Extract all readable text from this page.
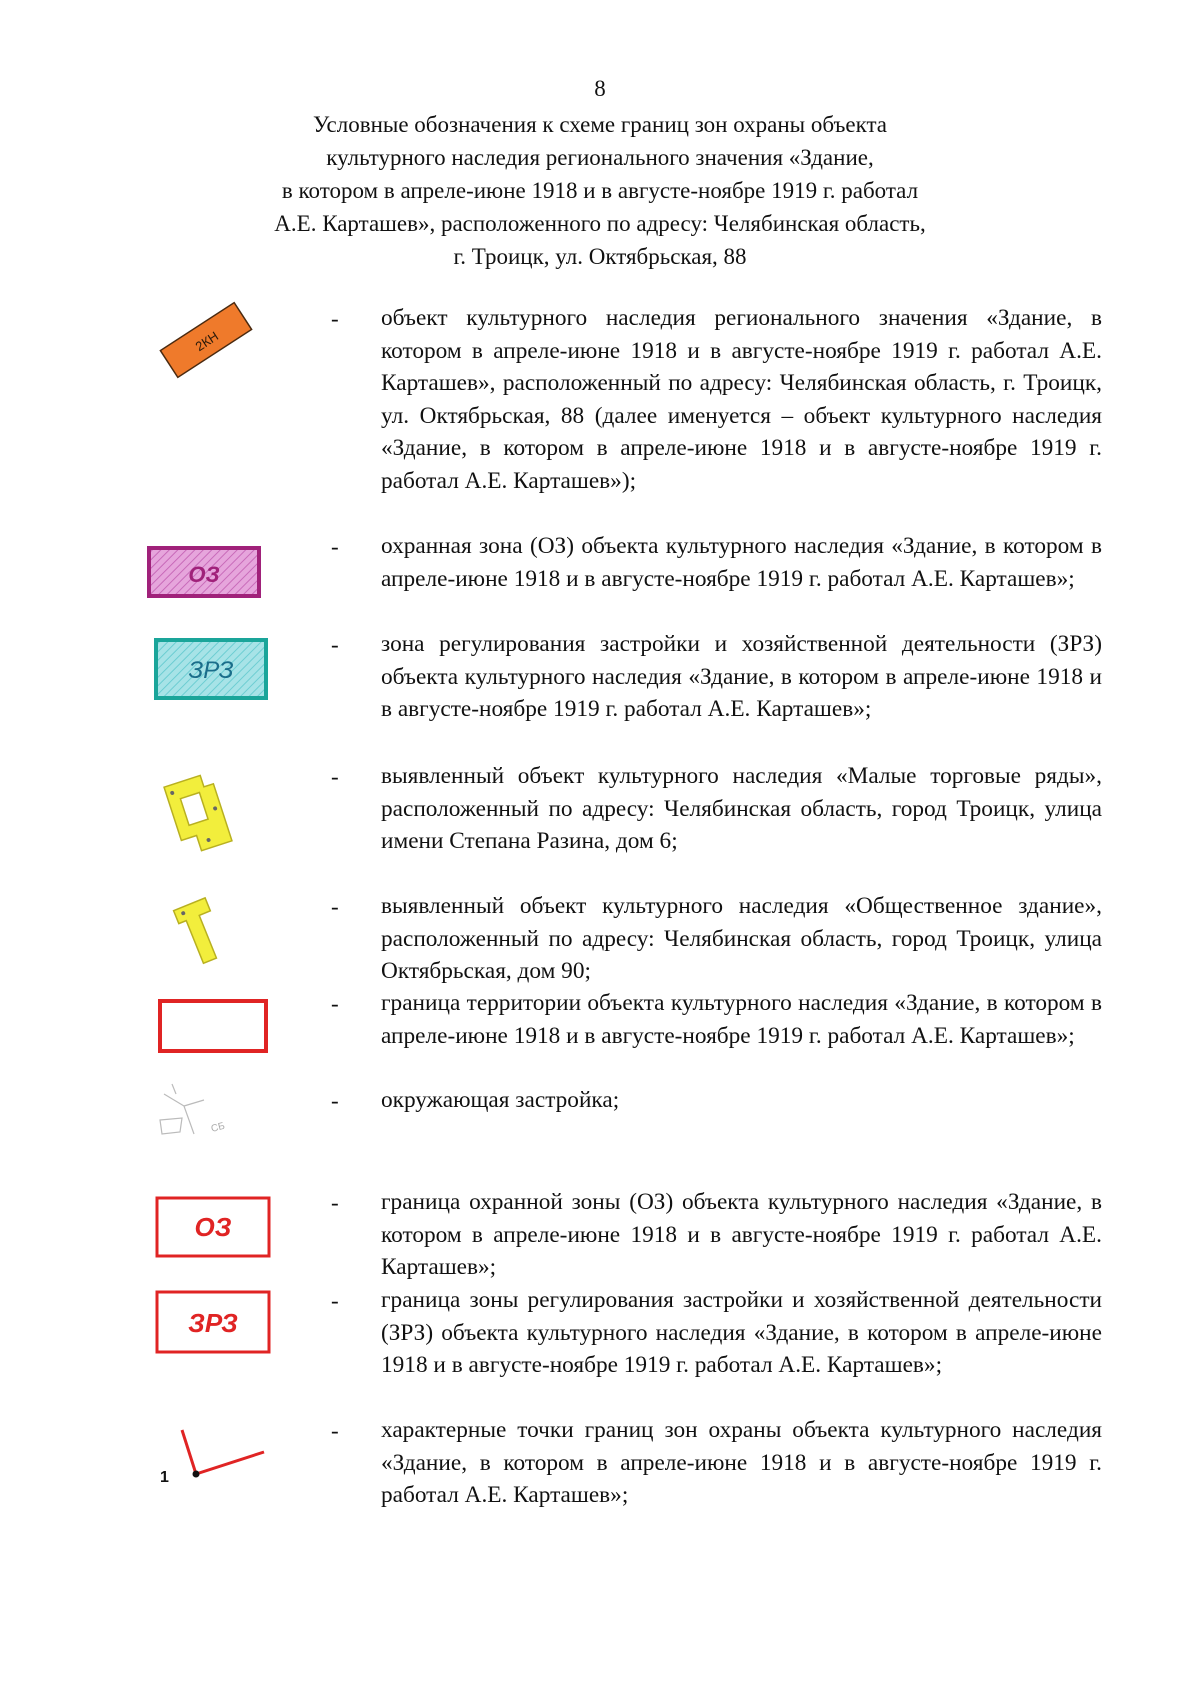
8
Условные обозначения к схеме границ зон охраны объекта
культурного наследия регионального значения «Здание,
в котором в апреле-июне 1918 и в августе-ноябре 1919 г. работал
А.Е. Карташев», расположенного по адресу: Челябинская область,
г. Троицк, ул. Октябрьская, 88
2КН
- объект культурного наследия регионального значения «Здание, в котором в апреле-июне 1918 и в августе-ноябре 1919 г. работал А.Е. Карташев», расположенный по адресу: Челябинская область, г. Троицк, ул. Октябрьская, 88 (далее именуется – объект культурного наследия «Здание, в котором в апреле-июне 1918 и в августе-ноябре 1919 г. работал А.Е. Карташев»);

ОЗ
- охранная зона (ОЗ) объекта культурного наследия «Здание, в котором в апреле-июне 1918 и в августе-ноябре 1919 г. работал А.Е. Карташев»;

ЗРЗ
- зона регулирования застройки и хозяйственной деятельности (ЗРЗ) объекта культурного наследия «Здание, в котором в апреле-июне 1918 и в августе-ноябре 1919 г. работал А.Е. Карташев»;

- выявленный объект культурного наследия «Малые торговые ряды», расположенный по адресу: Челябинская область, город Троицк, улица имени Степана Разина, дом 6;

- выявленный объект культурного наследия «Общественное здание», расположенный по адресу: Челябинская область, город Троицк, улица Октябрьская, дом 90;

- граница территории объекта культурного наследия «Здание, в котором в апреле-июне 1918 и в августе-ноябре 1919 г. работал А.Е. Карташев»;

СБ
- окружающая застройка;

ОЗ
- граница охранной зоны (ОЗ) объекта культурного наследия «Здание, в котором в апреле-июне 1918 и в августе-ноябре 1919 г. работал А.Е. Карташев»;

ЗРЗ
- граница зоны регулирования застройки и хозяйственной деятельности (ЗРЗ) объекта культурного наследия «Здание, в котором в апреле-июне 1918 и в августе-ноябре 1919 г. работал А.Е. Карташев»;

1
- характерные точки границ зон охраны объекта культурного наследия «Здание, в котором в апреле-июне 1918 и в августе-ноябре 1919 г. работал А.Е. Карташев»;
